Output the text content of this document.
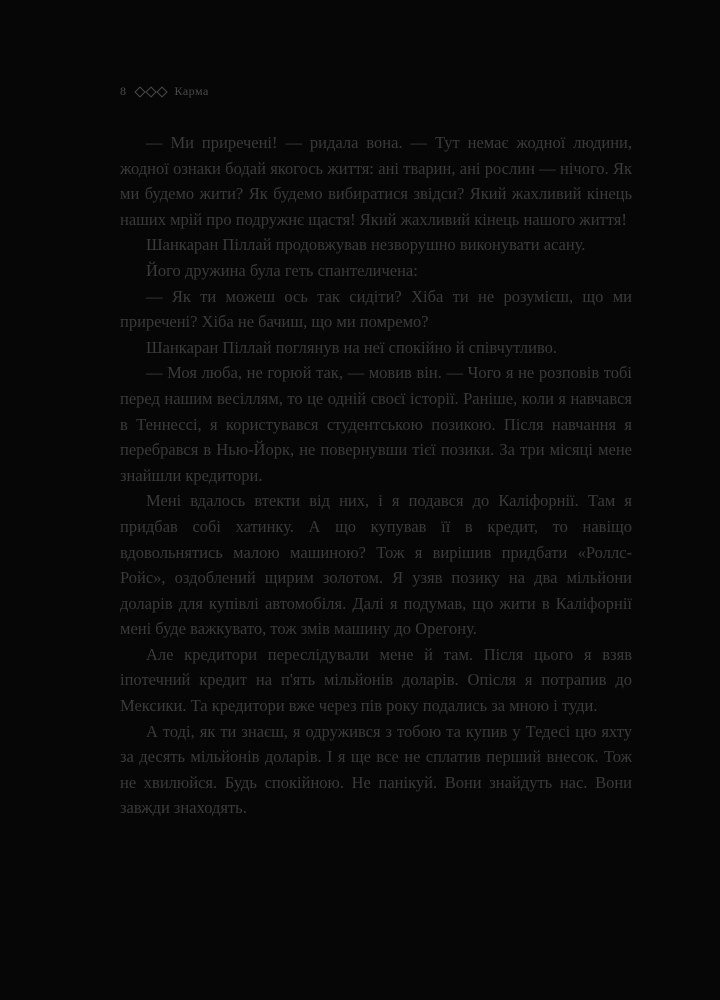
8	Карма

— Ми приречені! — ридала вона. — Тут немає жодної людини, жодної ознаки бодай якогось життя: ані тварин, ані рослин — нічого. Як ми будемо жити? Як будемо вибиратися звідси? Який жахливий кінець наших мрій про подружнє щастя! Який жахливий кінець нашого життя!

Шанкаран Піллай продовжував незворушно виконувати асану.

Його дружина була геть спантеличена:

— Як ти можеш ось так сидіти? Хіба ти не розумієш, що ми приречені? Хіба не бачиш, що ми помремо?

Шанкаран Піллай поглянув на неї спокійно й співчутливо.

— Моя люба, не горюй так, — мовив він. — Чого я не розповів тобі перед нашим весіллям, то це одній своєї історії. Раніше, коли я навчався в Теннессі, я користувався студентською позикою. Після навчання я перебрався в Нью-Йорк, не повернувши тієї позики. За три місяці мене знайшли кредитори.

Мені вдалось втекти від них, і я подався до Каліфорнії. Там я придбав собі хатинку. А що купував її в кредит, то навіщо вдовольнятись малою машиною? Тож я вирішив придбати «Роллс-Ройс», оздоблений щирим золотом. Я узяв позику на два мільйони доларів для купівлі автомобіля. Далі я подумав, що жити в Каліфорнії мені буде важкувато, тож змів машину до Орегону.

Але кредитори переслідували мене й там. Після цього я взяв іпотечний кредит на п'ять мільйонів доларів. Опісля я потрапив до Мексики. Та кредитори вже через пів року подались за мною і туди.

А тоді, як ти знаєш, я одружився з тобою та купив у Тедесі цю яхту за десять мільйонів доларів. І я ще все не сплатив перший внесок. Тож не хвилюйся. Будь спокійною. Не панікуй. Вони знайдуть нас. Вони завжди знаходять.
